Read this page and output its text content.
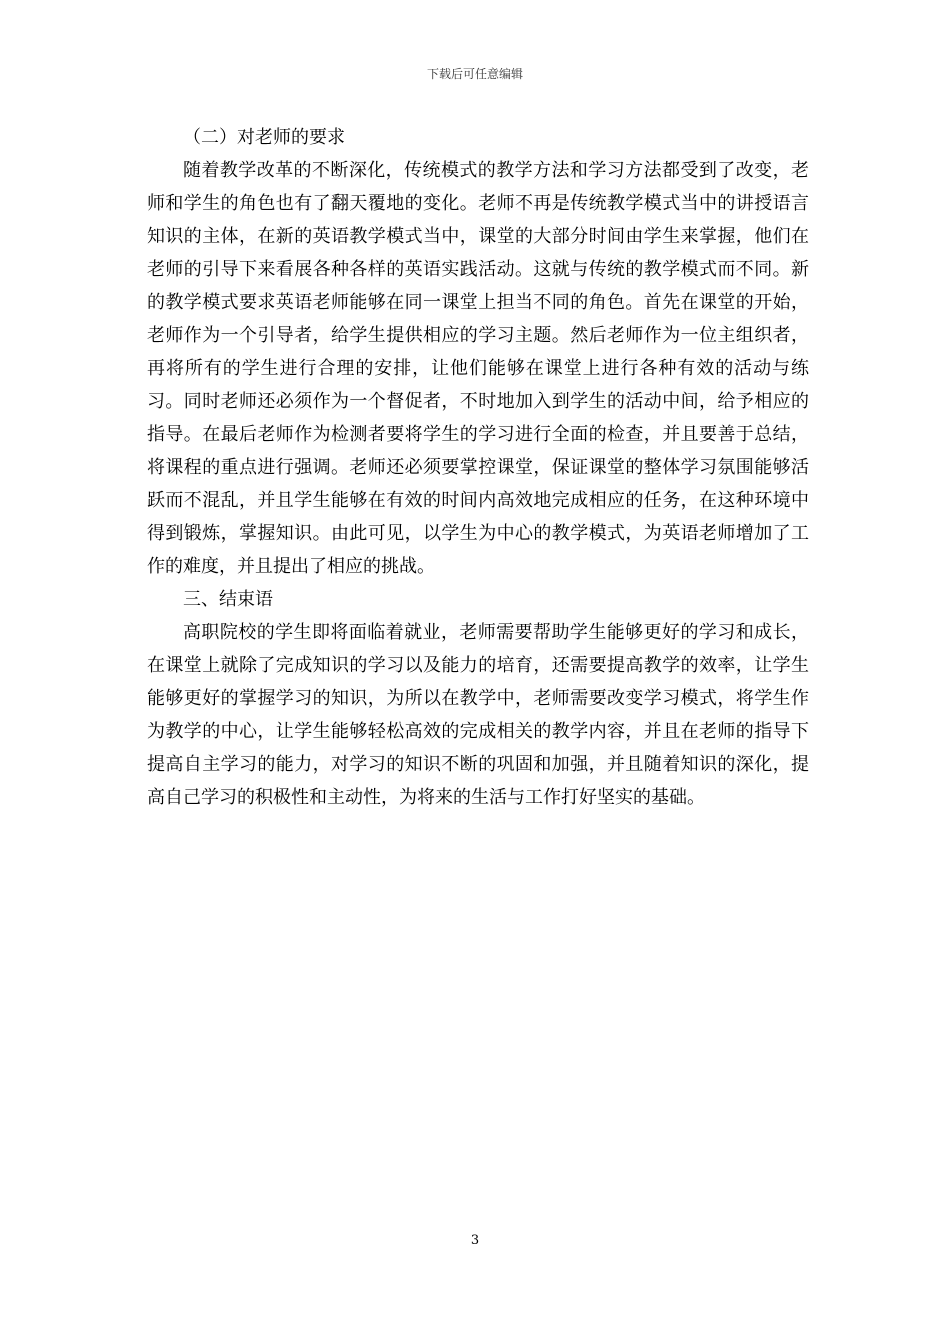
下载后可任意编辑

（二）对老师的要求

随着教学改革的不断深化，传统模式的教学方法和学习方法都受到了改变，老师和学生的角色也有了翻天覆地的变化。老师不再是传统教学模式当中的讲授语言知识的主体，在新的英语教学模式当中，课堂的大部分时间由学生来掌握，他们在老师的引导下来看展各种各样的英语实践活动。这就与传统的教学模式而不同。新的教学模式要求英语老师能够在同一课堂上担当不同的角色。首先在课堂的开始，老师作为一个引导者，给学生提供相应的学习主题。然后老师作为一位主组织者，再将所有的学生进行合理的安排，让他们能够在课堂上进行各种有效的活动与练习。同时老师还必须作为一个督促者，不时地加入到学生的活动中间，给予相应的指导。在最后老师作为检测者要将学生的学习进行全面的检查，并且要善于总结，将课程的重点进行强调。老师还必须要掌控课堂，保证课堂的整体学习氛围能够活跃而不混乱，并且学生能够在有效的时间内高效地完成相应的任务，在这种环境中得到锻炼，掌握知识。由此可见，以学生为中心的教学模式，为英语老师增加了工作的难度，并且提出了相应的挑战。

三、结束语

高职院校的学生即将面临着就业，老师需要帮助学生能够更好的学习和成长，在课堂上就除了完成知识的学习以及能力的培育，还需要提高教学的效率，让学生能够更好的掌握学习的知识，为所以在教学中，老师需要改变学习模式，将学生作为教学的中心，让学生能够轻松高效的完成相关的教学内容，并且在老师的指导下提高自主学习的能力，对学习的知识不断的巩固和加强，并且随着知识的深化，提高自己学习的积极性和主动性，为将来的生活与工作打好坚实的基础。

3
